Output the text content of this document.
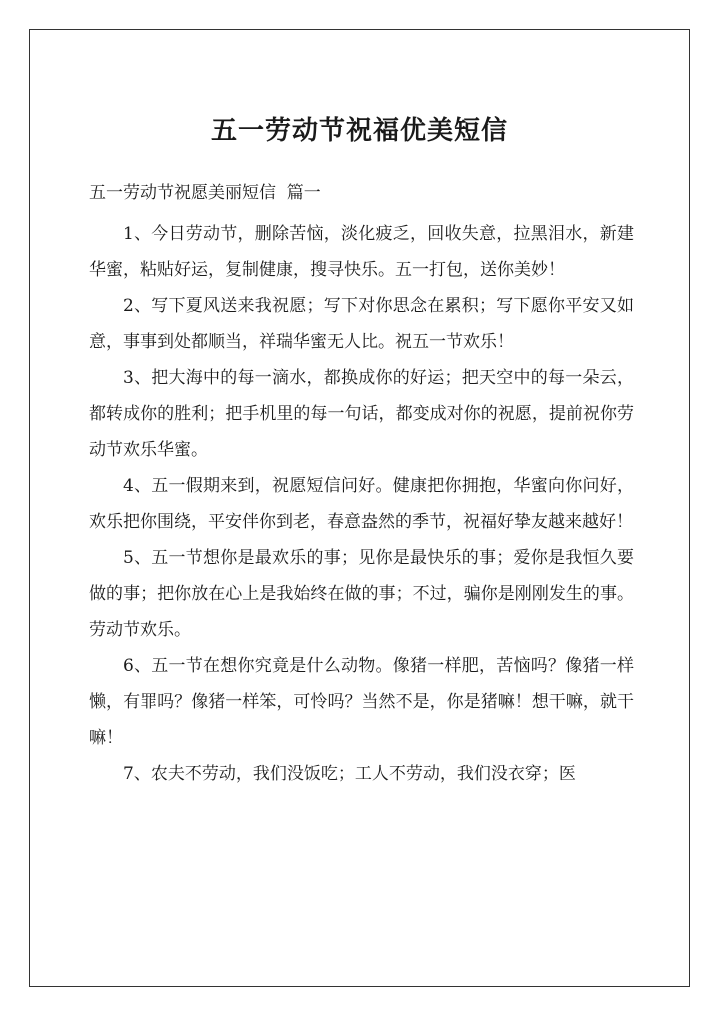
五一劳动节祝福优美短信

五一劳动节祝愿美丽短信  篇一

1、今日劳动节，删除苦恼，淡化疲乏，回收失意，拉黑泪水，新建华蜜，粘贴好运，复制健康，搜寻快乐。五一打包，送你美妙！

2、写下夏风送来我祝愿；写下对你思念在累积；写下愿你平安又如意，事事到处都顺当，祥瑞华蜜无人比。祝五一节欢乐！

3、把大海中的每一滴水，都换成你的好运；把天空中的每一朵云，都转成你的胜利；把手机里的每一句话，都变成对你的祝愿，提前祝你劳动节欢乐华蜜。

4、五一假期来到，祝愿短信问好。健康把你拥抱，华蜜向你问好，欢乐把你围绕，平安伴你到老，春意盎然的季节，祝福好挚友越来越好！

5、五一节想你是最欢乐的事；见你是最快乐的事；爱你是我恒久要做的事；把你放在心上是我始终在做的事；不过，骗你是刚刚发生的事。劳动节欢乐。

6、五一节在想你究竟是什么动物。像猪一样肥，苦恼吗？像猪一样懒，有罪吗？像猪一样笨，可怜吗？当然不是，你是猪嘛！想干嘛，就干嘛！

7、农夫不劳动，我们没饭吃；工人不劳动，我们没衣穿；医
